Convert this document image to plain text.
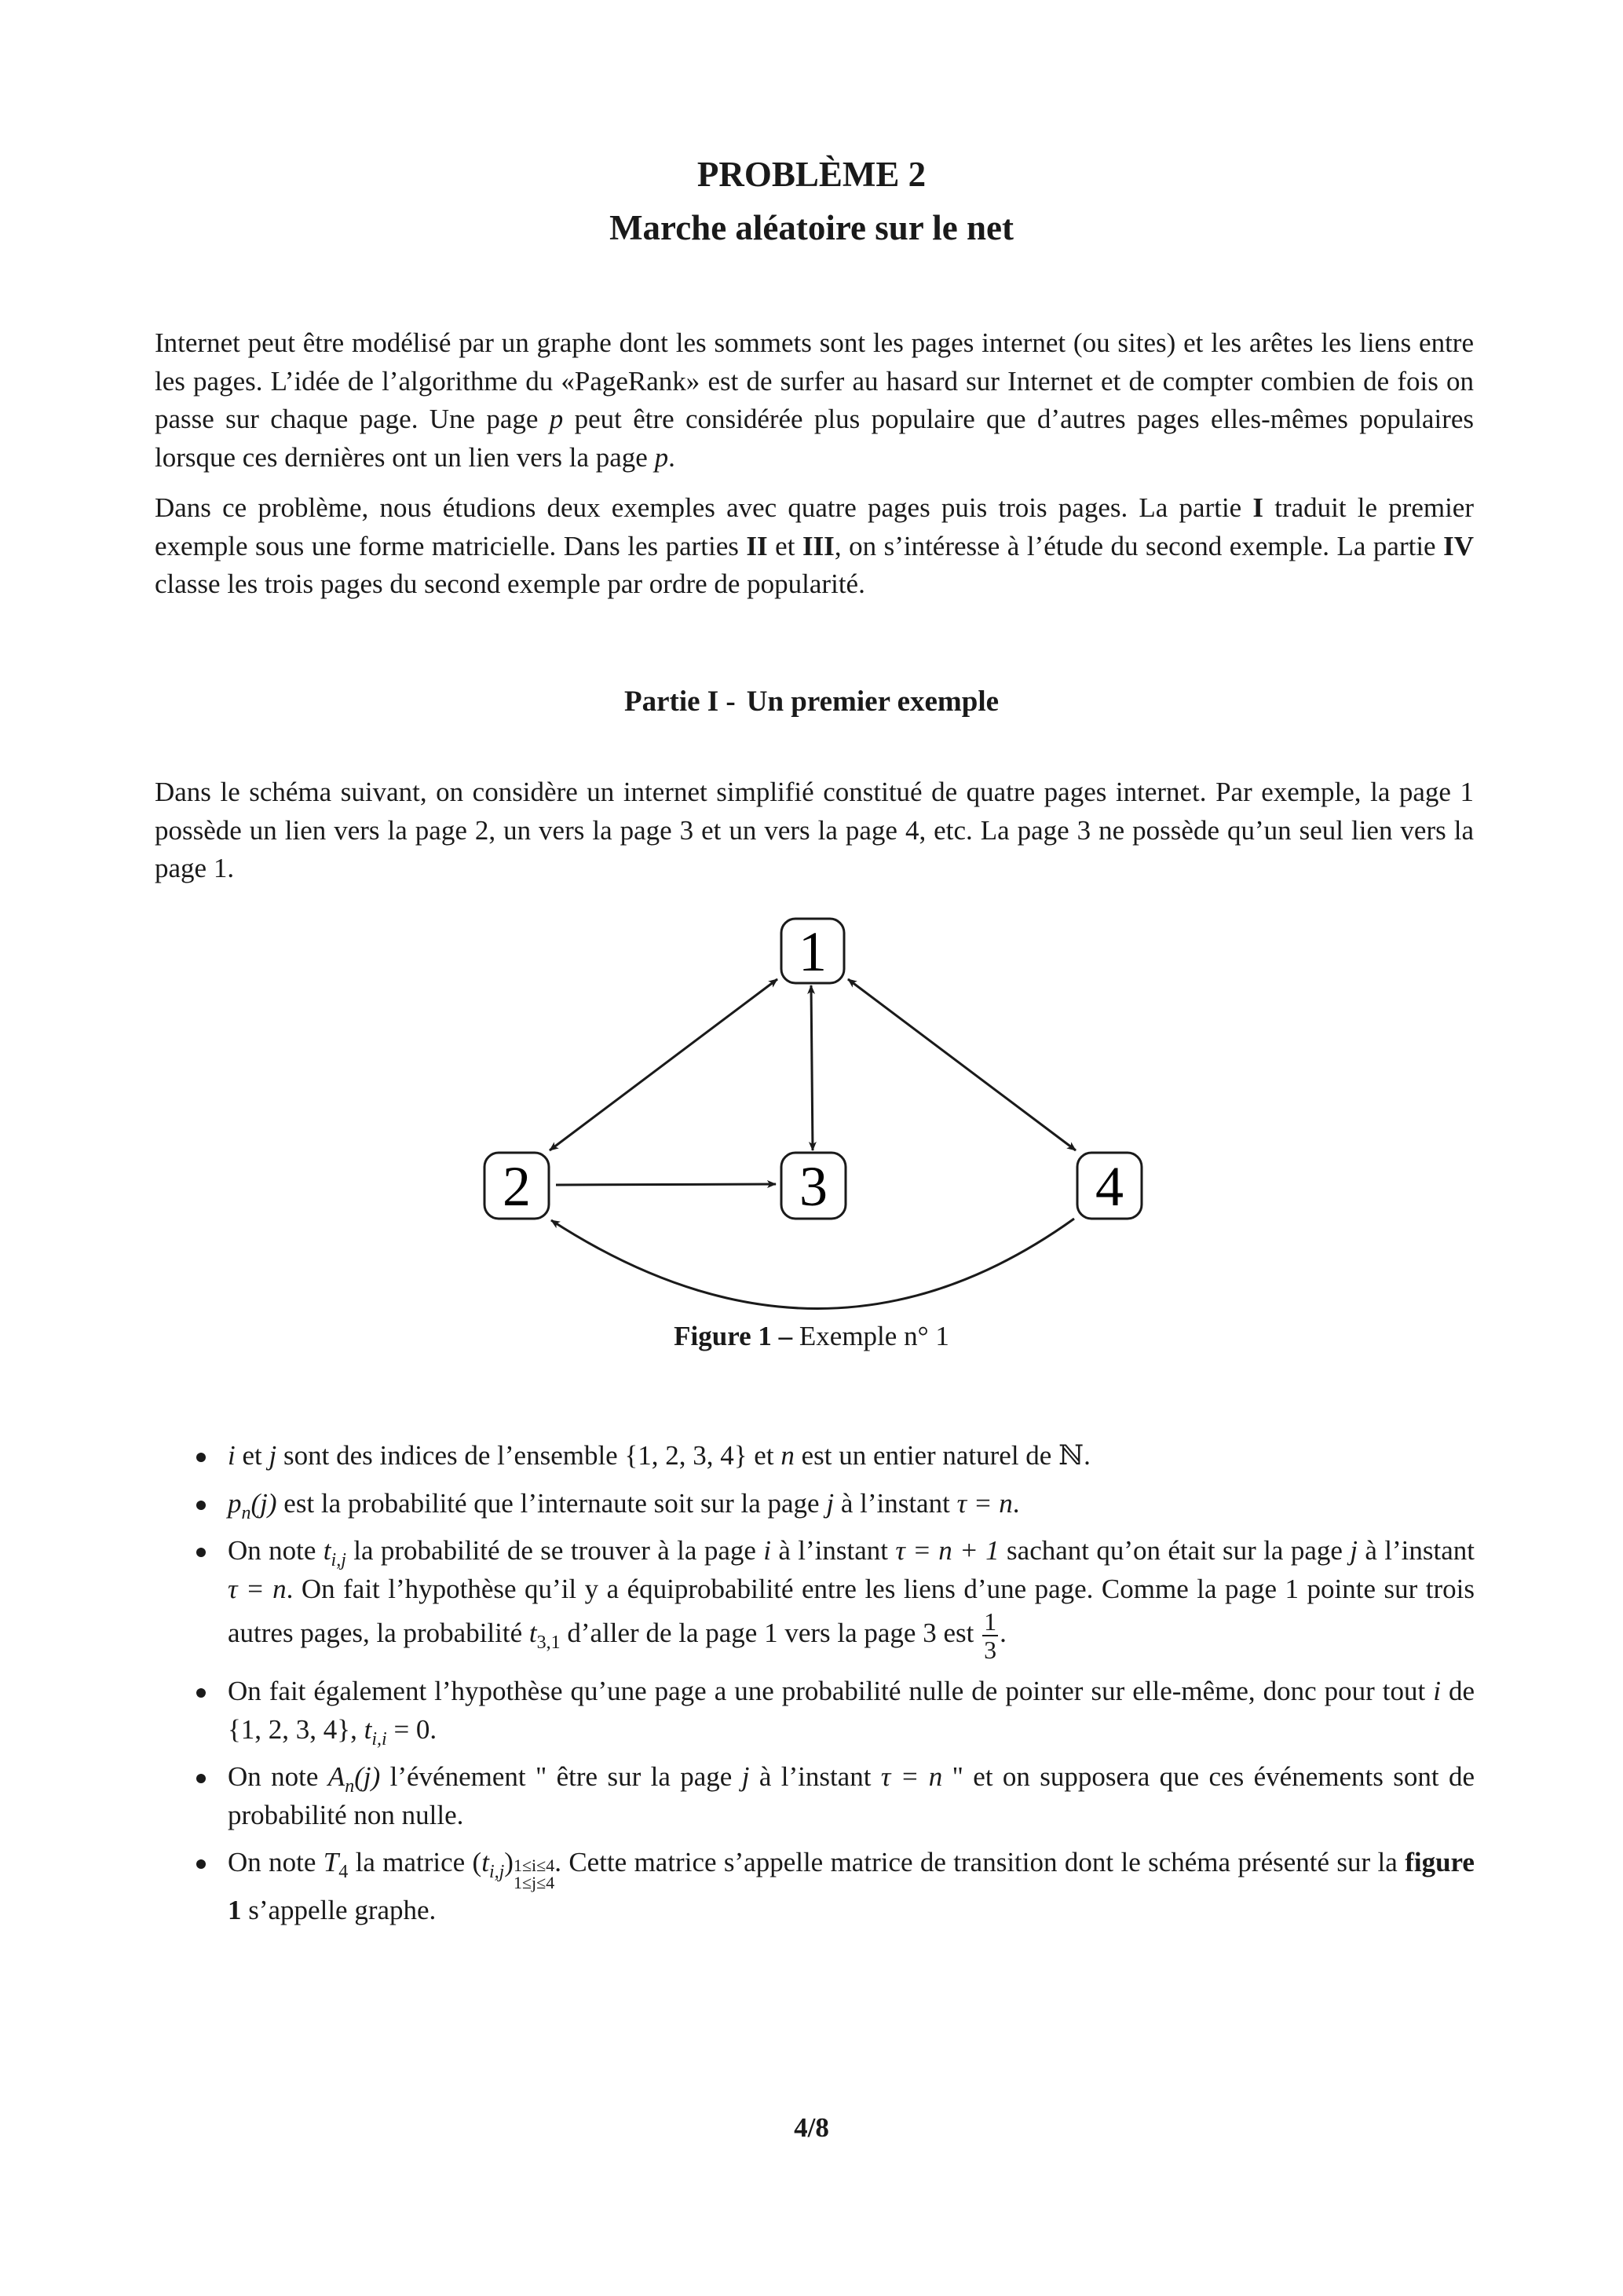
PROBLÈME 2
Marche aléatoire sur le net
Internet peut être modélisé par un graphe dont les sommets sont les pages internet (ou sites) et les arêtes les liens entre les pages. L’idée de l’algorithme du «PageRank» est de surfer au hasard sur Internet et de compter combien de fois on passe sur chaque page. Une page p peut être considérée plus populaire que d’autres pages elles-mêmes populaires lorsque ces dernières ont un lien vers la page p.
Dans ce problème, nous étudions deux exemples avec quatre pages puis trois pages. La partie I traduit le premier exemple sous une forme matricielle. Dans les parties II et III, on s’intéresse à l’étude du second exemple. La partie IV classe les trois pages du second exemple par ordre de popularité.
Partie I - Un premier exemple
Dans le schéma suivant, on considère un internet simplifié constitué de quatre pages internet. Par exemple, la page 1 possède un lien vers la page 2, un vers la page 3 et un vers la page 4, etc. La page 3 ne possède qu’un seul lien vers la page 1.
1
2	3	4
Figure 1 – Exemple n° 1
i et j sont des indices de l’ensemble {1, 2, 3, 4} et n est un entier naturel de ℕ.
$p_n(j)$ est la probabilité que l’internaute soit sur la page j à l’instant τ = n.
On note $t_{i,j}$ la probabilité de se trouver à la page i à l’instant τ = n + 1 sachant qu’on était sur la page j à l’instant τ = n. On fait l’hypothèse qu’il y a équiprobabilité entre les liens d’une page. Comme la page 1 pointe sur trois autres pages, la probabilité $t_{3,1}$ d’aller de la page 1 vers la page 3 est $\frac{1}{3}$ .
On fait également l’hypothèse qu’une page a une probabilité nulle de pointer sur elle-même, donc pour tout i de {1, 2, 3, 4}, $t_{i,i} = 0$.
On note $A_n(j)$ l’événement " être sur la page j à l’instant τ = n " et on supposera que ces événements sont de probabilité non nulle.
On note $T_4$ la matrice $(t_{i,j})$ 1≤i≤4
1≤j≤4
. Cette matrice s’appelle matrice de transition dont le schéma présenté sur la figure 1 s’appelle graphe.
4/8
